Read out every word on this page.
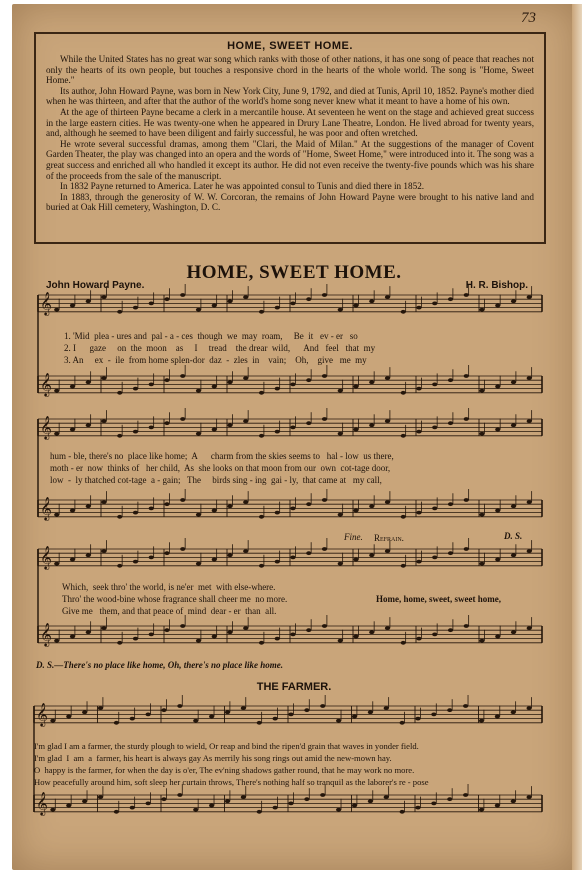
73
HOME, SWEET HOME.

While the United States has no great war song which ranks with those of other nations, it has one song of peace that reaches not only the hearts of its own people, but touches a responsive chord in the hearts of the whole world. The song is "Home, Sweet Home."

Its author, John Howard Payne, was born in New York City, June 9, 1792, and died at Tunis, April 10, 1852. Payne's mother died when he was thirteen, and after that the author of the world's home song never knew what it meant to have a home of his own.

At the age of thirteen Payne became a clerk in a mercantile house. At seventeen he went on the stage and achieved great success in the large eastern cities. He was twenty-one when he appeared in Drury Lane Theatre, London. He lived abroad for twenty years, and, although he seemed to have been diligent and fairly successful, he was poor and often wretched.

He wrote several successful dramas, among them "Clari, the Maid of Milan." At the suggestions of the manager of Covent Garden Theater, the play was changed into an opera and the words of "Home, Sweet Home," were introduced into it. The song was a great success and enriched all who handled it except its author. He did not even receive the twenty-five pounds which was his share of the proceeds from the sale of the manuscript.

In 1832 Payne returned to America. Later he was appointed consul to Tunis and died there in 1852.

In 1883, through the generosity of W. W. Corcoran, the remains of John Howard Payne were brought to his native land and buried at Oak Hill cemetery, Washington, D. C.

HOME, SWEET HOME.
John Howard Payne.	H. R. Bishop.
𝄞
𝄞
𝄞
𝄞
𝄞
𝄞
𝄞
𝄞
1. 'Mid  plea - ures and  pal - a - ces  though  we  may  roam,     Be  it   ev - er   so
2. I      gaze     on  the  moon    as     I     tread    the drear  wild,      And   feel   that  my
3. An     ex  -  ile  from home splen-dor  daz  -  zles  in    vain;    Oh,    give   me  my
hum - ble, there's no  place like home;  A      charm from the skies seems to   hal - low  us there,
moth - er  now  thinks of   her child,  As  she looks on that moon from our  own  cot-tage door,
low  -  ly thatched cot-tage  a - gain;   The     birds sing - ing  gai - ly,  that came at   my call,
Fine. Refrain.	D. S.
Which,  seek thro' the world, is ne'er  met  with else-where.
Thro' the wood-bine whose fragrance shall cheer me  no more.
Give me   them, and that peace of  mind  dear - er  than  all.
Home, home, sweet, sweet home,
D. S.—There's no place like home, Oh, there's no place like home.
THE FARMER.
I'm glad I am a farmer, the sturdy plough to wield, Or reap and bind the ripen'd grain that waves in yonder field.
I'm glad  I  am  a  farmer, his heart is always gay As merrily his song rings out amid the new-mown hay.
O  happy is the farmer, for when the day is o'er, The ev'ning shadows gather round, that he may work no more.
How peacefully around him, soft sleep her curtain throws, There's nothing half so tranquil as the laborer's re - pose
